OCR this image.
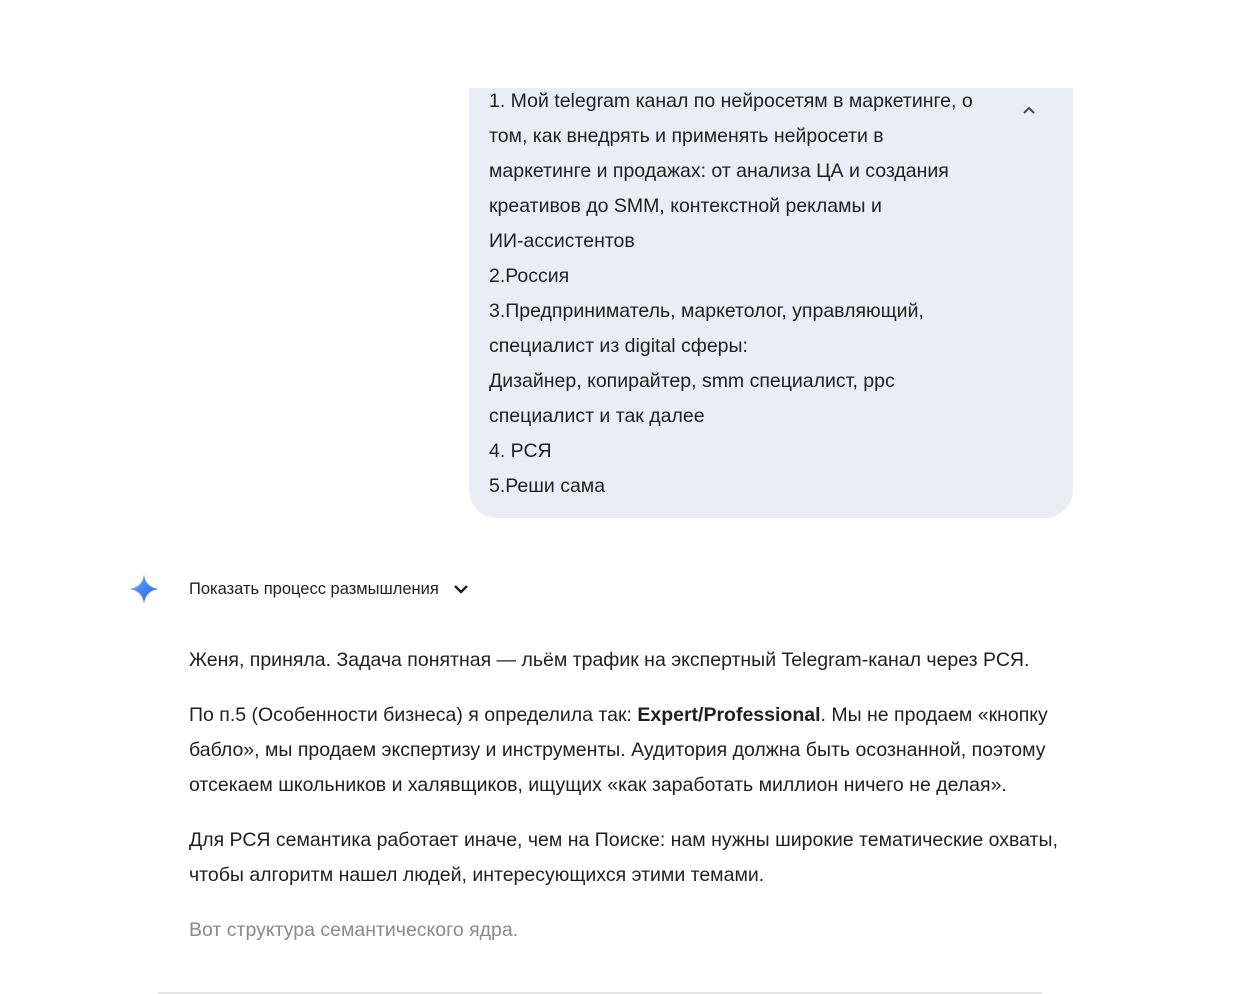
1. Мой telegram канал по нейросетям в маркетинге, о
том, как внедрять и применять нейросети в
маркетинге и продажах: от анализа ЦА и создания
креативов до SMM, контекстной рекламы и
ИИ-ассистентов
2.Россия
3.Предприниматель, маркетолог, управляющий,
специалист из digital сферы:
Дизайнер, копирайтер, smm специалист, ppc
специалист и так далее
4. РСЯ
5.Реши сама
Показать процесс размышления

Женя, приняла. Задача понятная — льём трафик на экспертный Telegram-канал через РСЯ.

По п.5 (Особенности бизнеса) я определила так: Expert/Professional. Мы не продаем «кнопку бабло», мы продаем экспертизу и инструменты. Аудитория должна быть осознанной, поэтому отсекаем школьников и халявщиков, ищущих «как заработать миллион ничего не делая».

Для РСЯ семантика работает иначе, чем на Поиске: нам нужны широкие тематические охваты, чтобы алгоритм нашел людей, интересующихся этими темами.

Вот структура семантического ядра.
